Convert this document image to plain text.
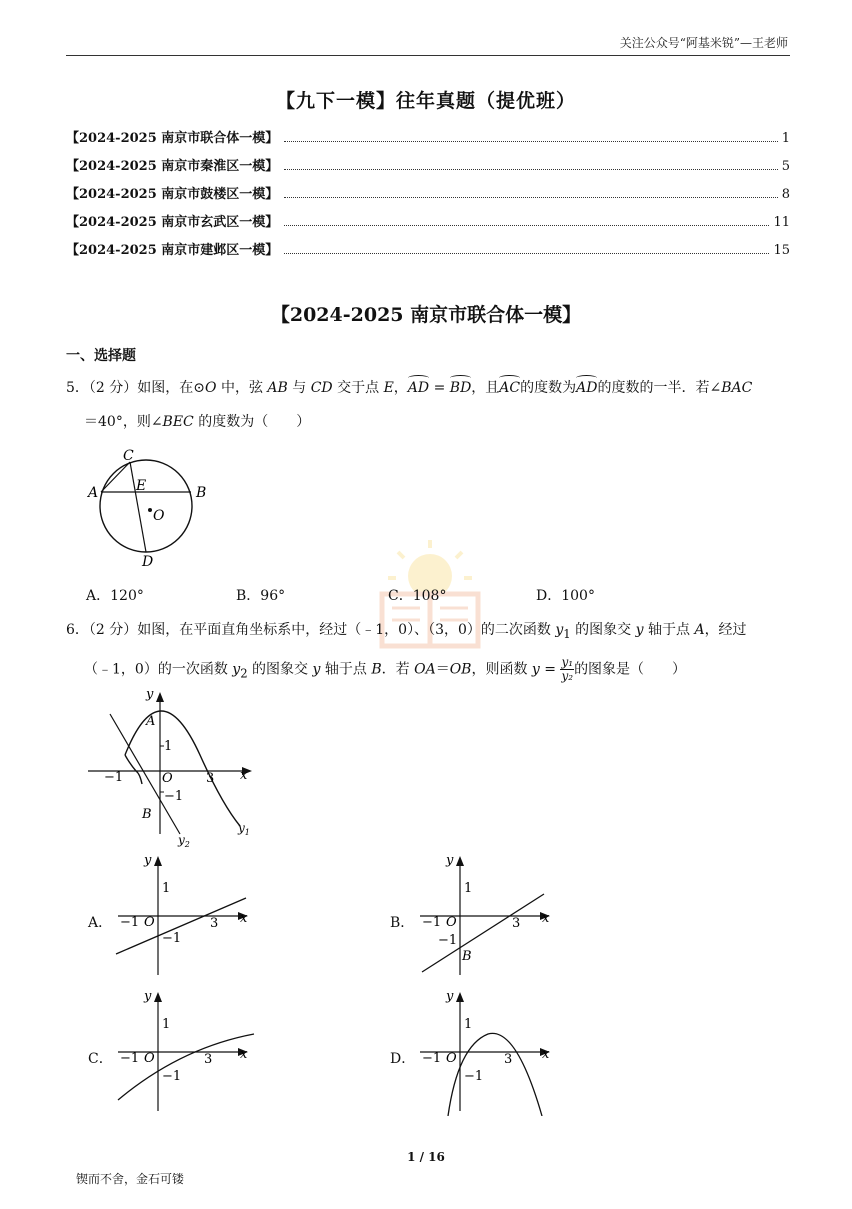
关注公众号“阿基米锐”—王老师
【九下一模】往年真题（提优班）
【2024-2025 南京市联合体一模】	1
【2024-2025 南京市秦淮区一模】	5
【2024-2025 南京市鼓楼区一模】	8
【2024-2025 南京市玄武区一模】	11
【2024-2025 南京市建邺区一模】	15
【2024-2025 南京市联合体一模】
一、选择题
5．（2 分）如图，在⊙O 中，弦 AB 与 CD 交于点 E，AD = BD，且AC的度数为AD的度数的一半．若∠BAC
＝40°，则∠BEC 的度数为（　　）
C
A	E	B
O
D
A．120°	B．96°	C．108°	D．100°
6．（2 分）如图，在平面直角坐标系中，经过（﹣1，0）、（3，0）的二次函数 $y_1$ 的图象交 y 轴于点 A，经过
（﹣1，0）的一次函数 $y_2$ 的图象交 y 轴于点 B．若 OA＝OB，则函数 $y = \frac{\text{y₁}}{\text{y₂}}$ 的图象是（　　）
y
x
A
1
−1	O	3
−1
B
$y_1$
$y_2$
A．
y
x
1
−1 O	3
−1
B．
y
x
1
−1 O	3
−1
B
C．
y
x
1
−1 O	3
−1
D．
y
x
1
−1 O	3
−1
1 / 16
锲而不舍，金石可镂
